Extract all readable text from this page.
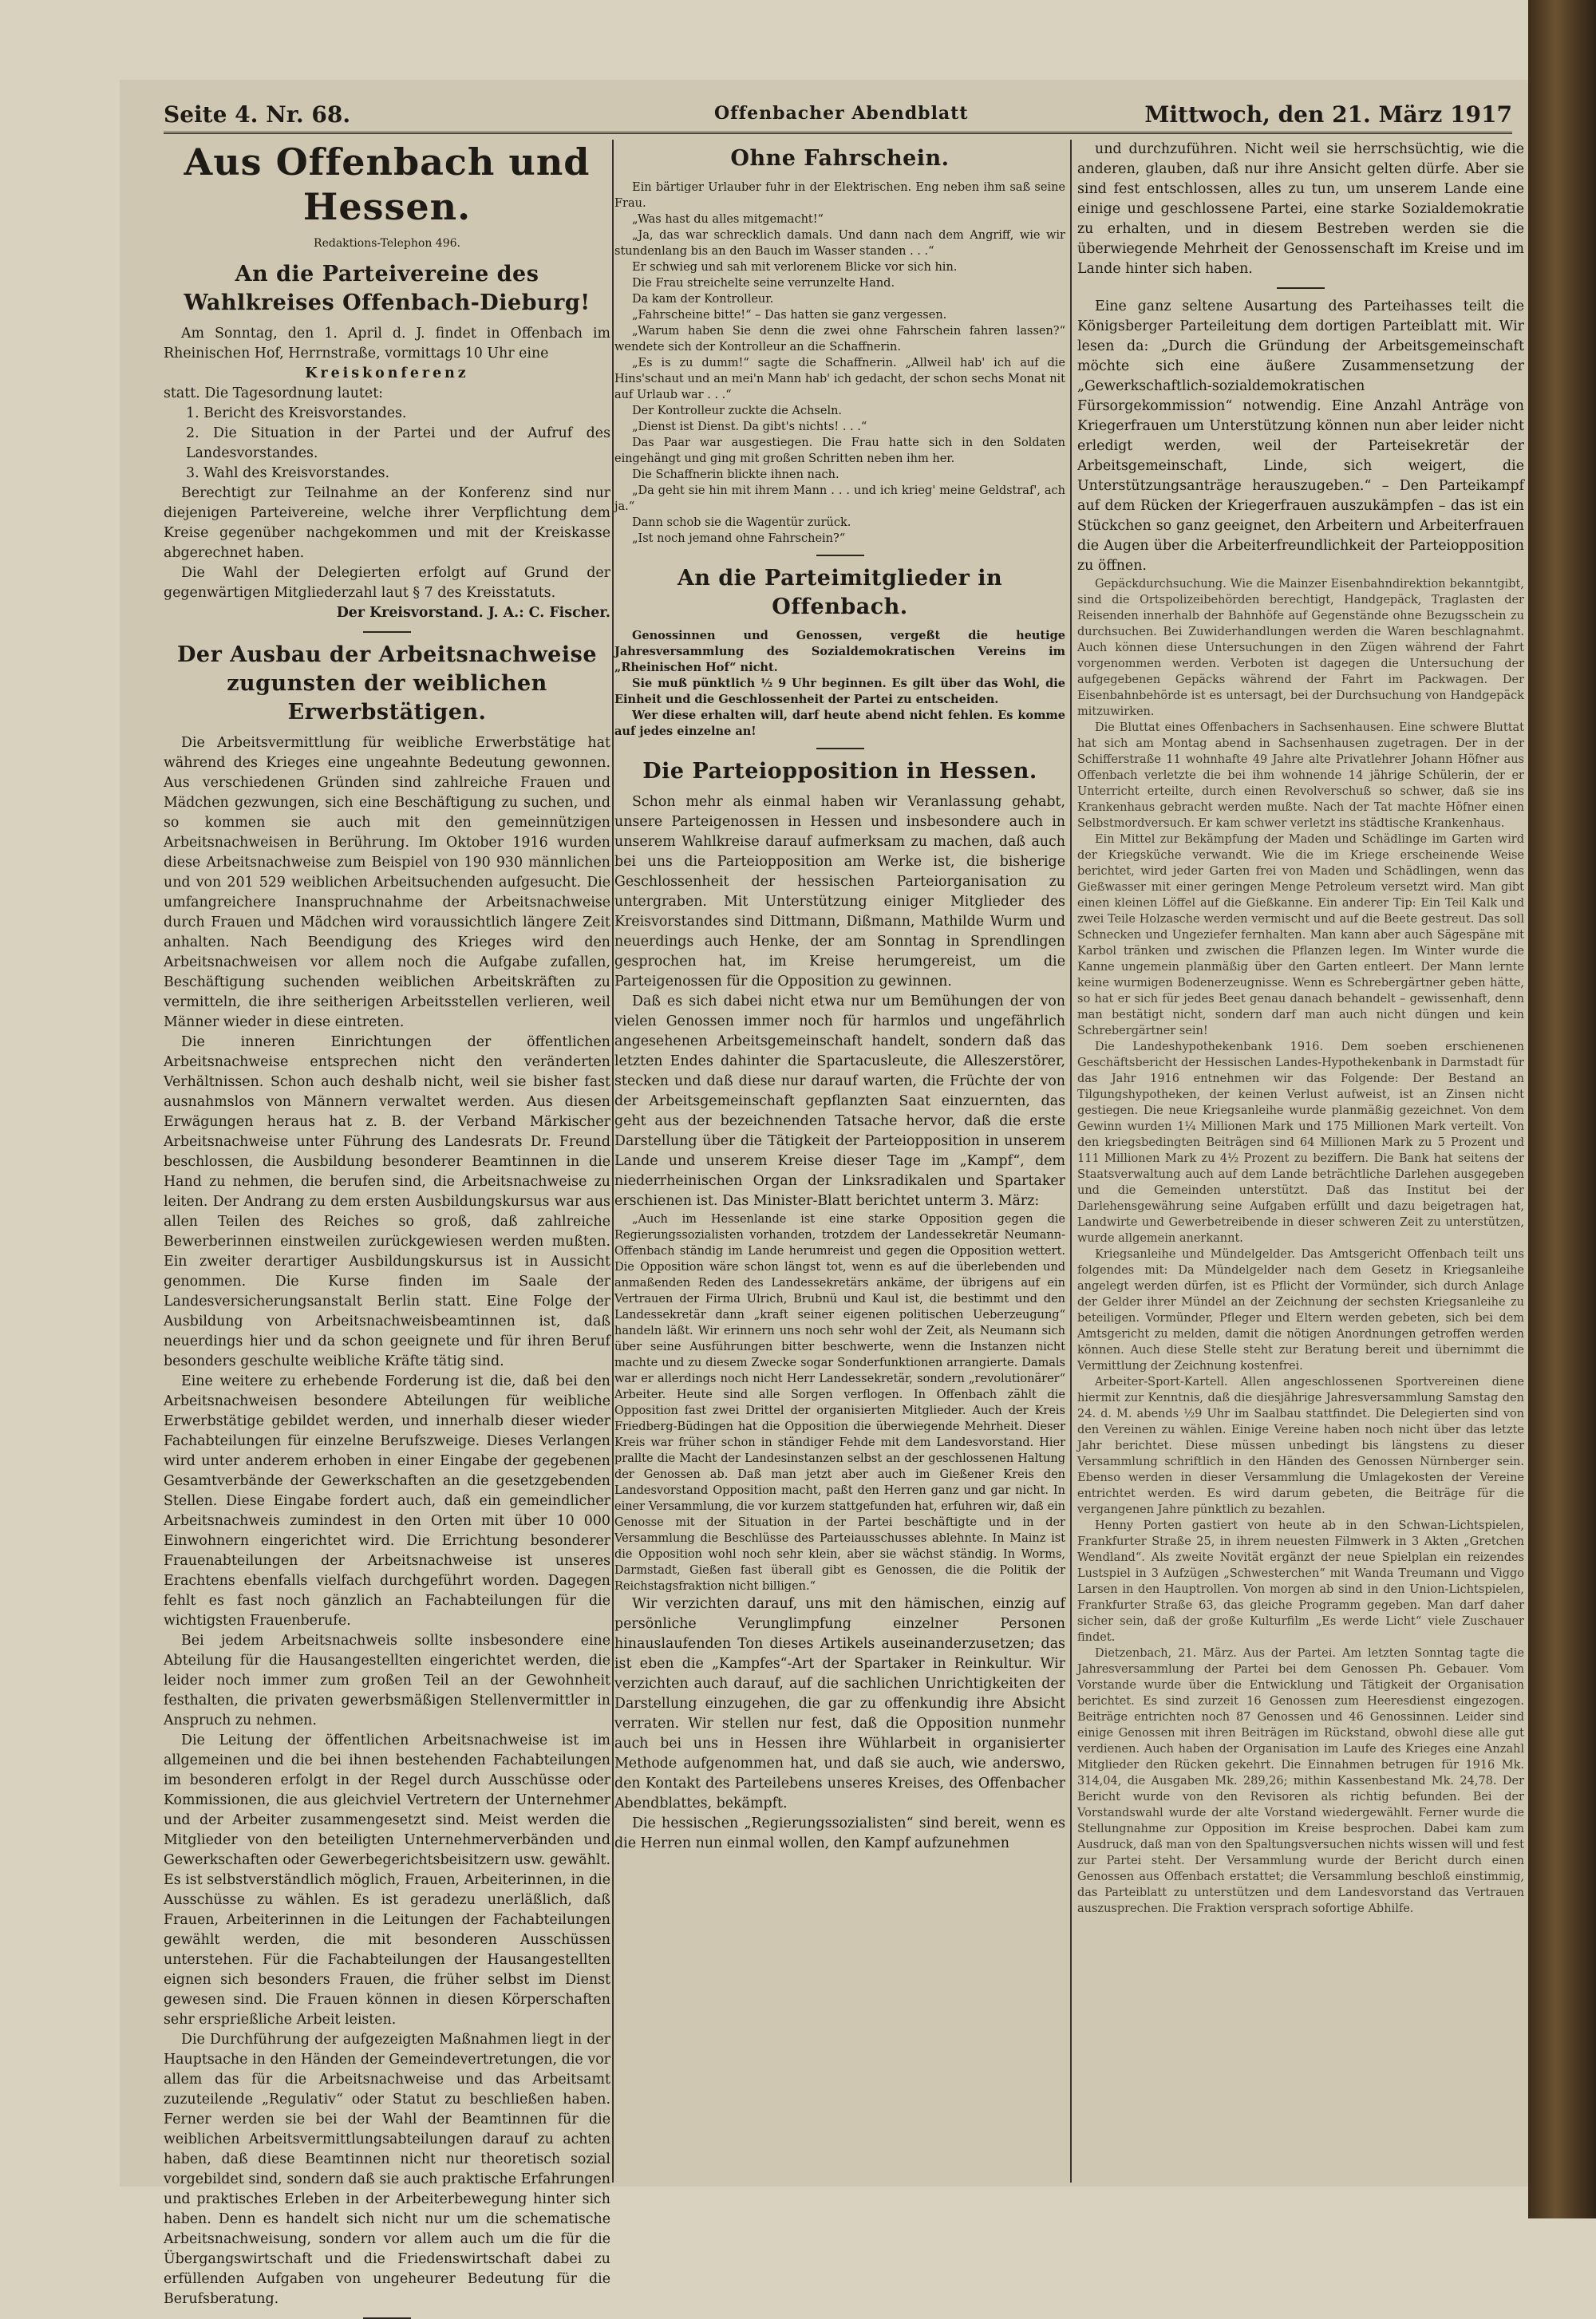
Seite 4. Nr. 68.	Offenbacher Abendblatt	Mittwoch, den 21. März 1917
Aus Offenbach und Hessen.
Redaktions-Telephon 496.
An die Parteivereine des Wahlkreises Offenbach-Dieburg!

Am Sonntag, den 1. April d. J. findet in Offenbach im Rheinischen Hof, Herrnstraße, vormittags 10 Uhr eine

Kreiskonferenz

statt. Die Tagesordnung lautet:

1. Bericht des Kreisvorstandes.

2. Die Situation in der Partei und der Aufruf des Landesvorstandes.

3. Wahl des Kreisvorstandes.

Berechtigt zur Teilnahme an der Konferenz sind nur diejenigen Parteivereine, welche ihrer Verpflichtung dem Kreise gegenüber nachgekommen und mit der Kreiskasse abgerechnet haben.

Die Wahl der Delegierten erfolgt auf Grund der gegenwärtigen Mitgliederzahl laut § 7 des Kreisstatuts.

Der Kreisvorstand. J. A.: C. Fischer.

Der Ausbau der Arbeitsnachweise zugunsten der weiblichen Erwerbstätigen.

Die Arbeitsvermittlung für weibliche Erwerbstätige hat während des Krieges eine ungeahnte Bedeutung gewonnen. Aus verschiedenen Gründen sind zahlreiche Frauen und Mädchen gezwungen, sich eine Beschäftigung zu suchen, und so kommen sie auch mit den gemeinnützigen Arbeitsnachweisen in Berührung. Im Oktober 1916 wurden diese Arbeitsnachweise zum Beispiel von 190 930 männlichen und von 201 529 weiblichen Arbeitsuchenden aufgesucht. Die umfangreichere Inanspruchnahme der Arbeitsnachweise durch Frauen und Mädchen wird voraussichtlich längere Zeit anhalten. Nach Beendigung des Krieges wird den Arbeitsnachweisen vor allem noch die Aufgabe zufallen, Beschäftigung suchenden weiblichen Arbeitskräften zu vermitteln, die ihre seitherigen Arbeitsstellen verlieren, weil Männer wieder in diese eintreten.

Die inneren Einrichtungen der öffentlichen Arbeitsnachweise entsprechen nicht den veränderten Verhältnissen. Schon auch deshalb nicht, weil sie bisher fast ausnahmslos von Männern verwaltet werden. Aus diesen Erwägungen heraus hat z. B. der Verband Märkischer Arbeitsnachweise unter Führung des Landesrats Dr. Freund beschlossen, die Ausbildung besonderer Beamtinnen in die Hand zu nehmen, die berufen sind, die Arbeitsnachweise zu leiten. Der Andrang zu dem ersten Ausbildungskursus war aus allen Teilen des Reiches so groß, daß zahlreiche Bewerberinnen einstweilen zurückgewiesen werden mußten. Ein zweiter derartiger Ausbildungskursus ist in Aussicht genommen. Die Kurse finden im Saale der Landesversicherungsanstalt Berlin statt. Eine Folge der Ausbildung von Arbeitsnachweisbeamtinnen ist, daß neuerdings hier und da schon geeignete und für ihren Beruf besonders geschulte weibliche Kräfte tätig sind.

Eine weitere zu erhebende Forderung ist die, daß bei den Arbeitsnachweisen besondere Abteilungen für weibliche Erwerbstätige gebildet werden, und innerhalb dieser wieder Fachabteilungen für einzelne Berufszweige. Dieses Verlangen wird unter anderem erhoben in einer Eingabe der gegebenen Gesamtverbände der Gewerkschaften an die gesetzgebenden Stellen. Diese Eingabe fordert auch, daß ein gemeindlicher Arbeitsnachweis zumindest in den Orten mit über 10 000 Einwohnern eingerichtet wird. Die Errichtung besonderer Frauenabteilungen der Arbeitsnachweise ist unseres Erachtens ebenfalls vielfach durchgeführt worden. Dagegen fehlt es fast noch gänzlich an Fachabteilungen für die wichtigsten Frauenberufe.

Bei jedem Arbeitsnachweis sollte insbesondere eine Abteilung für die Hausangestellten eingerichtet werden, die leider noch immer zum großen Teil an der Gewohnheit festhalten, die privaten gewerbsmäßigen Stellenvermittler in Anspruch zu nehmen.

Die Leitung der öffentlichen Arbeitsnachweise ist im allgemeinen und die bei ihnen bestehenden Fachabteilungen im besonderen erfolgt in der Regel durch Ausschüsse oder Kommissionen, die aus gleichviel Vertretern der Unternehmer und der Arbeiter zusammengesetzt sind. Meist werden die Mitglieder von den beteiligten Unternehmerverbänden und Gewerkschaften oder Gewerbegerichtsbeisitzern usw. gewählt. Es ist selbstverständlich möglich, Frauen, Arbeiterinnen, in die Ausschüsse zu wählen. Es ist geradezu unerläßlich, daß Frauen, Arbeiterinnen in die Leitungen der Fachabteilungen gewählt werden, die mit besonderen Ausschüssen unterstehen. Für die Fachabteilungen der Hausangestellten eignen sich besonders Frauen, die früher selbst im Dienst gewesen sind. Die Frauen können in diesen Körperschaften sehr ersprießliche Arbeit leisten.

Die Durchführung der aufgezeigten Maßnahmen liegt in der Hauptsache in den Händen der Gemeindevertretungen, die vor allem das für die Arbeitsnachweise und das Arbeitsamt zuzuteilende „Regulativ“ oder Statut zu beschließen haben. Ferner werden sie bei der Wahl der Beamtinnen für die weiblichen Arbeitsvermittlungsabteilungen darauf zu achten haben, daß diese Beamtinnen nicht nur theoretisch sozial vorgebildet sind, sondern daß sie auch praktische Erfahrungen und praktisches Erleben in der Arbeiterbewegung hinter sich haben. Denn es handelt sich nicht nur um die schematische Arbeitsnachweisung, sondern vor allem auch um die für die Übergangswirtschaft und die Friedenswirtschaft dabei zu erfüllenden Aufgaben von ungeheurer Bedeutung für die Berufsberatung.

Ohne Fahrschein.

Ein bärtiger Urlauber fuhr in der Elektrischen. Eng neben ihm saß seine Frau.

„Was hast du alles mitgemacht!“

„Ja, das war schrecklich damals. Und dann nach dem Angriff, wie wir stundenlang bis an den Bauch im Wasser standen . . .“

Er schwieg und sah mit verlorenem Blicke vor sich hin.

Die Frau streichelte seine verrunzelte Hand.

Da kam der Kontrolleur.

„Fahrscheine bitte!“ – Das hatten sie ganz vergessen.

„Warum haben Sie denn die zwei ohne Fahrschein fahren lassen?“ wendete sich der Kontrolleur an die Schaffnerin.

„Es is zu dumm!“ sagte die Schaffnerin. „Allweil hab' ich auf die Hins'schaut und an mei'n Mann hab' ich gedacht, der schon sechs Monat nit auf Urlaub war . . .“

Der Kontrolleur zuckte die Achseln.

„Dienst ist Dienst. Da gibt's nichts! . . .“

Das Paar war ausgestiegen. Die Frau hatte sich in den Soldaten eingehängt und ging mit großen Schritten neben ihm her.

Die Schaffnerin blickte ihnen nach.

„Da geht sie hin mit ihrem Mann . . . und ich krieg' meine Geldstraf', ach ja.“

Dann schob sie die Wagentür zurück.

„Ist noch jemand ohne Fahrschein?“

An die Parteimitglieder in Offenbach.

Genossinnen und Genossen, vergeßt die heutige Jahresversammlung des Sozialdemokratischen Vereins im „Rheinischen Hof“ nicht.

Sie muß pünktlich ½ 9 Uhr beginnen. Es gilt über das Wohl, die Einheit und die Geschlossenheit der Partei zu entscheiden.

Wer diese erhalten will, darf heute abend nicht fehlen. Es komme auf jedes einzelne an!

Die Parteiopposition in Hessen.

Schon mehr als einmal haben wir Veranlassung gehabt, unsere Parteigenossen in Hessen und insbesondere auch in unserem Wahlkreise darauf aufmerksam zu machen, daß auch bei uns die Parteiopposition am Werke ist, die bisherige Geschlossenheit der hessischen Parteiorganisation zu untergraben. Mit Unterstützung einiger Mitglieder des Kreisvorstandes sind Dittmann, Dißmann, Mathilde Wurm und neuerdings auch Henke, der am Sonntag in Sprendlingen gesprochen hat, im Kreise herumgereist, um die Parteigenossen für die Opposition zu gewinnen.

Daß es sich dabei nicht etwa nur um Bemühungen der von vielen Genossen immer noch für harmlos und ungefährlich angesehenen Arbeitsgemeinschaft handelt, sondern daß das letzten Endes dahinter die Spartacusleute, die Alleszerstörer, stecken und daß diese nur darauf warten, die Früchte der von der Arbeitsgemeinschaft gepflanzten Saat einzuernten, das geht aus der bezeichnenden Tatsache hervor, daß die erste Darstellung über die Tätigkeit der Parteiopposition in unserem Lande und unserem Kreise dieser Tage im „Kampf“, dem niederrheinischen Organ der Linksradikalen und Spartaker erschienen ist. Das Minister-Blatt berichtet unterm 3. März:

„Auch im Hessenlande ist eine starke Opposition gegen die Regierungssozialisten vorhanden, trotzdem der Landessekretär Neumann-Offenbach ständig im Lande herumreist und gegen die Opposition wettert. Die Opposition wäre schon längst tot, wenn es auf die überlebenden und anmaßenden Reden des Landessekretärs ankäme, der übrigens auf ein Vertrauen der Firma Ulrich, Brubnü und Kaul ist, die bestimmt und den Landessekretär dann „kraft seiner eigenen politischen Ueberzeugung“ handeln läßt. Wir erinnern uns noch sehr wohl der Zeit, als Neumann sich über seine Ausführungen bitter beschwerte, wenn die Instanzen nicht machte und zu diesem Zwecke sogar Sonderfunktionen arrangierte. Damals war er allerdings noch nicht Herr Landessekretär, sondern „revolutionärer“ Arbeiter. Heute sind alle Sorgen verflogen. In Offenbach zählt die Opposition fast zwei Drittel der organisierten Mitglieder. Auch der Kreis Friedberg-Büdingen hat die Opposition die überwiegende Mehrheit. Dieser Kreis war früher schon in ständiger Fehde mit dem Landesvorstand. Hier prallte die Macht der Landesinstanzen selbst an der geschlossenen Haltung der Genossen ab. Daß man jetzt aber auch im Gießener Kreis den Landesvorstand Opposition macht, paßt den Herren ganz und gar nicht. In einer Versammlung, die vor kurzem stattgefunden hat, erfuhren wir, daß ein Genosse mit der Situation in der Partei beschäftigte und in der Versammlung die Beschlüsse des Parteiausschusses ablehnte. In Mainz ist die Opposition wohl noch sehr klein, aber sie wächst ständig. In Worms, Darmstadt, Gießen fast überall gibt es Genossen, die die Politik der Reichstagsfraktion nicht billigen.“

Wir verzichten darauf, uns mit den hämischen, einzig auf persönliche Verunglimpfung einzelner Personen hinauslaufenden Ton dieses Artikels auseinanderzusetzen; das ist eben die „Kampfes“-Art der Spartaker in Reinkultur. Wir verzichten auch darauf, auf die sachlichen Unrichtigkeiten der Darstellung einzugehen, die gar zu offenkundig ihre Absicht verraten. Wir stellen nur fest, daß die Opposition nunmehr auch bei uns in Hessen ihre Wühlarbeit in organisierter Methode aufgenommen hat, und daß sie auch, wie anderswo, den Kontakt des Parteilebens unseres Kreises, des Offenbacher Abendblattes, bekämpft.

Die hessischen „Regierungssozialisten“ sind bereit, wenn es die Herren nun einmal wollen, den Kampf aufzunehmen

und durchzuführen. Nicht weil sie herrschsüchtig, wie die anderen, glauben, daß nur ihre Ansicht gelten dürfe. Aber sie sind fest entschlossen, alles zu tun, um unserem Lande eine einige und geschlossene Partei, eine starke Sozialdemokratie zu erhalten, und in diesem Bestreben werden sie die überwiegende Mehrheit der Genossenschaft im Kreise und im Lande hinter sich haben.

Eine ganz seltene Ausartung des Parteihasses teilt die Königsberger Parteileitung dem dortigen Parteiblatt mit. Wir lesen da: „Durch die Gründung der Arbeitsgemeinschaft möchte sich eine äußere Zusammensetzung der „Gewerkschaftlich-sozialdemokratischen Fürsorgekommission“ notwendig. Eine Anzahl Anträge von Kriegerfrauen um Unterstützung können nun aber leider nicht erledigt werden, weil der Parteisekretär der Arbeitsgemeinschaft, Linde, sich weigert, die Unterstützungsanträge herauszugeben.“ – Den Parteikampf auf dem Rücken der Kriegerfrauen auszukämpfen – das ist ein Stückchen so ganz geeignet, den Arbeitern und Arbeiterfrauen die Augen über die Arbeiterfreundlichkeit der Parteiopposition zu öffnen.

Gepäckdurchsuchung. Wie die Mainzer Eisenbahndirektion bekanntgibt, sind die Ortspolizeibehörden berechtigt, Handgepäck, Traglasten der Reisenden innerhalb der Bahnhöfe auf Gegenstände ohne Bezugsschein zu durchsuchen. Bei Zuwiderhandlungen werden die Waren beschlagnahmt. Auch können diese Untersuchungen in den Zügen während der Fahrt vorgenommen werden. Verboten ist dagegen die Untersuchung der aufgegebenen Gepäcks während der Fahrt im Packwagen. Der Eisenbahnbehörde ist es untersagt, bei der Durchsuchung von Handgepäck mitzuwirken.

Die Bluttat eines Offenbachers in Sachsenhausen. Eine schwere Bluttat hat sich am Montag abend in Sachsenhausen zugetragen. Der in der Schifferstraße 11 wohnhafte 49 Jahre alte Privatlehrer Johann Höfner aus Offenbach verletzte die bei ihm wohnende 14 jährige Schülerin, der er Unterricht erteilte, durch einen Revolverschuß so schwer, daß sie ins Krankenhaus gebracht werden mußte. Nach der Tat machte Höfner einen Selbstmordversuch. Er kam schwer verletzt ins städtische Krankenhaus.

Ein Mittel zur Bekämpfung der Maden und Schädlinge im Garten wird der Kriegsküche verwandt. Wie die im Kriege erscheinende Weise berichtet, wird jeder Garten frei von Maden und Schädlingen, wenn das Gießwasser mit einer geringen Menge Petroleum versetzt wird. Man gibt einen kleinen Löffel auf die Gießkanne. Ein anderer Tip: Ein Teil Kalk und zwei Teile Holzasche werden vermischt und auf die Beete gestreut. Das soll Schnecken und Ungeziefer fernhalten. Man kann aber auch Sägespäne mit Karbol tränken und zwischen die Pflanzen legen. Im Winter wurde die Kanne ungemein planmäßig über den Garten entleert. Der Mann lernte keine wurmigen Bodenerzeugnisse. Wenn es Schrebergärtner geben hätte, so hat er sich für jedes Beet genau danach behandelt – gewissenhaft, denn man bestätigt nicht, sondern darf man auch nicht düngen und kein Schrebergärtner sein!

Die Landeshypothekenbank 1916. Dem soeben erschienenen Geschäftsbericht der Hessischen Landes-Hypothekenbank in Darmstadt für das Jahr 1916 entnehmen wir das Folgende: Der Bestand an Tilgungshypotheken, der keinen Verlust aufweist, ist an Zinsen nicht gestiegen. Die neue Kriegsanleihe wurde planmäßig gezeichnet. Von dem Gewinn wurden 1¼ Millionen Mark und 175 Millionen Mark verteilt. Von den kriegsbedingten Beiträgen sind 64 Millionen Mark zu 5 Prozent und 111 Millionen Mark zu 4½ Prozent zu beziffern. Die Bank hat seitens der Staatsverwaltung auch auf dem Lande beträchtliche Darlehen ausgegeben und die Gemeinden unterstützt. Daß das Institut bei der Darlehensgewährung seine Aufgaben erfüllt und dazu beigetragen hat, Landwirte und Gewerbetreibende in dieser schweren Zeit zu unterstützen, wurde allgemein anerkannt.

Kriegsanleihe und Mündelgelder. Das Amtsgericht Offenbach teilt uns folgendes mit: Da Mündelgelder nach dem Gesetz in Kriegsanleihe angelegt werden dürfen, ist es Pflicht der Vormünder, sich durch Anlage der Gelder ihrer Mündel an der Zeichnung der sechsten Kriegsanleihe zu beteiligen. Vormünder, Pfleger und Eltern werden gebeten, sich bei dem Amtsgericht zu melden, damit die nötigen Anordnungen getroffen werden können. Auch diese Stelle steht zur Beratung bereit und übernimmt die Vermittlung der Zeichnung kostenfrei.

Arbeiter-Sport-Kartell. Allen angeschlossenen Sportvereinen diene hiermit zur Kenntnis, daß die diesjährige Jahresversammlung Samstag den 24. d. M. abends ½9 Uhr im Saalbau stattfindet. Die Delegierten sind von den Vereinen zu wählen. Einige Vereine haben noch nicht über das letzte Jahr berichtet. Diese müssen unbedingt bis längstens zu dieser Versammlung schriftlich in den Händen des Genossen Nürnberger sein. Ebenso werden in dieser Versammlung die Umlagekosten der Vereine entrichtet werden. Es wird darum gebeten, die Beiträge für die vergangenen Jahre pünktlich zu bezahlen.

Henny Porten gastiert von heute ab in den Schwan-Lichtspielen, Frankfurter Straße 25, in ihrem neuesten Filmwerk in 3 Akten „Gretchen Wendland“. Als zweite Novität ergänzt der neue Spielplan ein reizendes Lustspiel in 3 Aufzügen „Schwesterchen“ mit Wanda Treumann und Viggo Larsen in den Hauptrollen. Von morgen ab sind in den Union-Lichtspielen, Frankfurter Straße 63, das gleiche Programm gegeben. Man darf daher sicher sein, daß der große Kulturfilm „Es werde Licht“ viele Zuschauer findet.

Dietzenbach, 21. März. Aus der Partei. Am letzten Sonntag tagte die Jahresversammlung der Partei bei dem Genossen Ph. Gebauer. Vom Vorstande wurde über die Entwicklung und Tätigkeit der Organisation berichtet. Es sind zurzeit 16 Genossen zum Heeresdienst eingezogen. Beiträge entrichten noch 87 Genossen und 46 Genossinnen. Leider sind einige Genossen mit ihren Beiträgen im Rückstand, obwohl diese alle gut verdienen. Auch haben der Organisation im Laufe des Krieges eine Anzahl Mitglieder den Rücken gekehrt. Die Einnahmen betrugen für 1916 Mk. 314,04, die Ausgaben Mk. 289,26; mithin Kassenbestand Mk. 24,78. Der Bericht wurde von den Revisoren als richtig befunden. Bei der Vorstandswahl wurde der alte Vorstand wiedergewählt. Ferner wurde die Stellungnahme zur Opposition im Kreise besprochen. Dabei kam zum Ausdruck, daß man von den Spaltungsversuchen nichts wissen will und fest zur Partei steht. Der Versammlung wurde der Bericht durch einen Genossen aus Offenbach erstattet; die Versammlung beschloß einstimmig, das Parteiblatt zu unterstützen und dem Landesvorstand das Vertrauen auszusprechen. Die Fraktion versprach sofortige Abhilfe.
